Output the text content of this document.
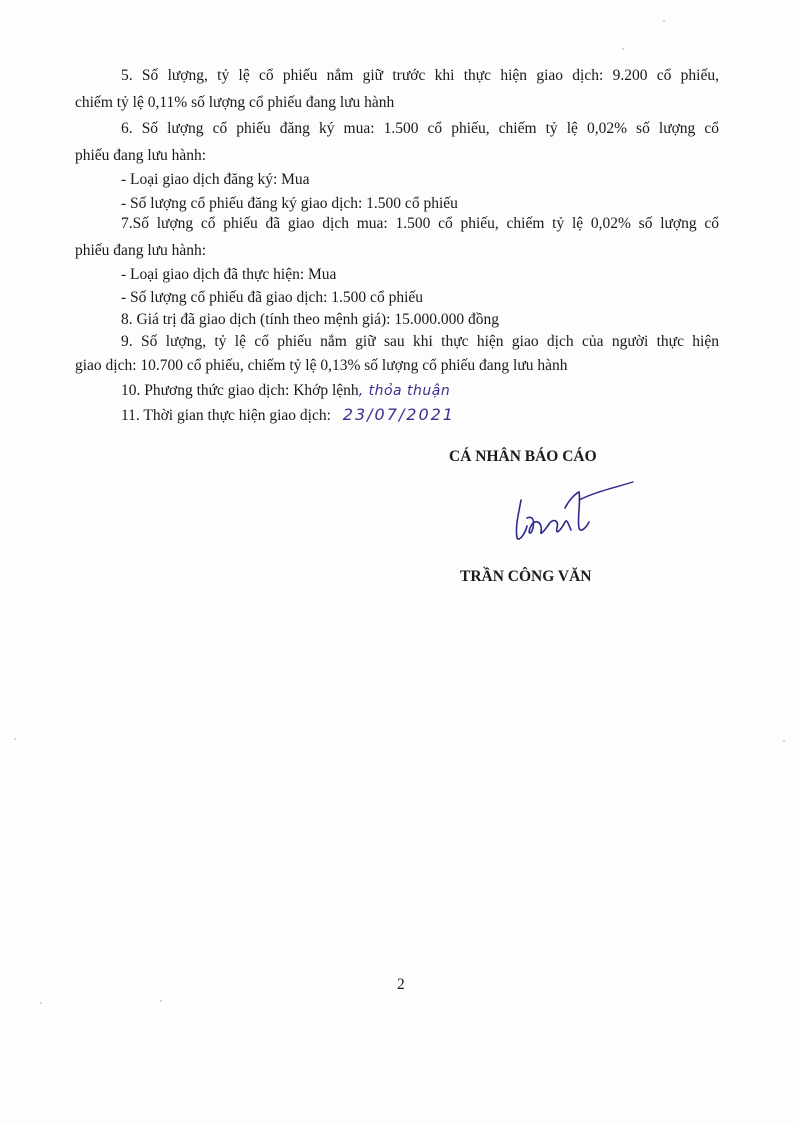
5. Số lượng, tỷ lệ cổ phiếu nắm giữ trước khi thực hiện giao dịch: 9.200 cổ phiếu,
chiếm tỷ lệ 0,11% số lượng cổ phiếu đang lưu hành
6. Số lượng cổ phiếu đăng ký mua: 1.500 cổ phiếu, chiếm tỷ lệ 0,02% số lượng cổ
phiếu đang lưu hành:
- Loại giao dịch đăng ký: Mua
- Số lượng cổ phiếu đăng ký giao dịch: 1.500 cổ phiếu
7.Số lượng cổ phiếu đã giao dịch mua: 1.500 cổ phiếu, chiếm tỷ lệ 0,02% số lượng cổ
phiếu đang lưu hành:
- Loại giao dịch đã thực hiện: Mua
- Số lượng cổ phiếu đã giao dịch: 1.500 cổ phiếu
8. Giá trị đã giao dịch (tính theo mệnh giá): 15.000.000 đồng
9. Số lượng, tỷ lệ cổ phiếu nắm giữ sau khi thực hiện giao dịch của người thực hiện
giao dịch: 10.700 cổ phiếu, chiếm tỷ lệ 0,13% số lượng cổ phiếu đang lưu hành
10. Phương thức giao dịch: Khớp lệnh, thỏa thuận
11. Thời gian thực hiện giao dịch: 23/07/2021
CÁ NHÂN BÁO CÁO
TRẦN CÔNG VĂN
2
